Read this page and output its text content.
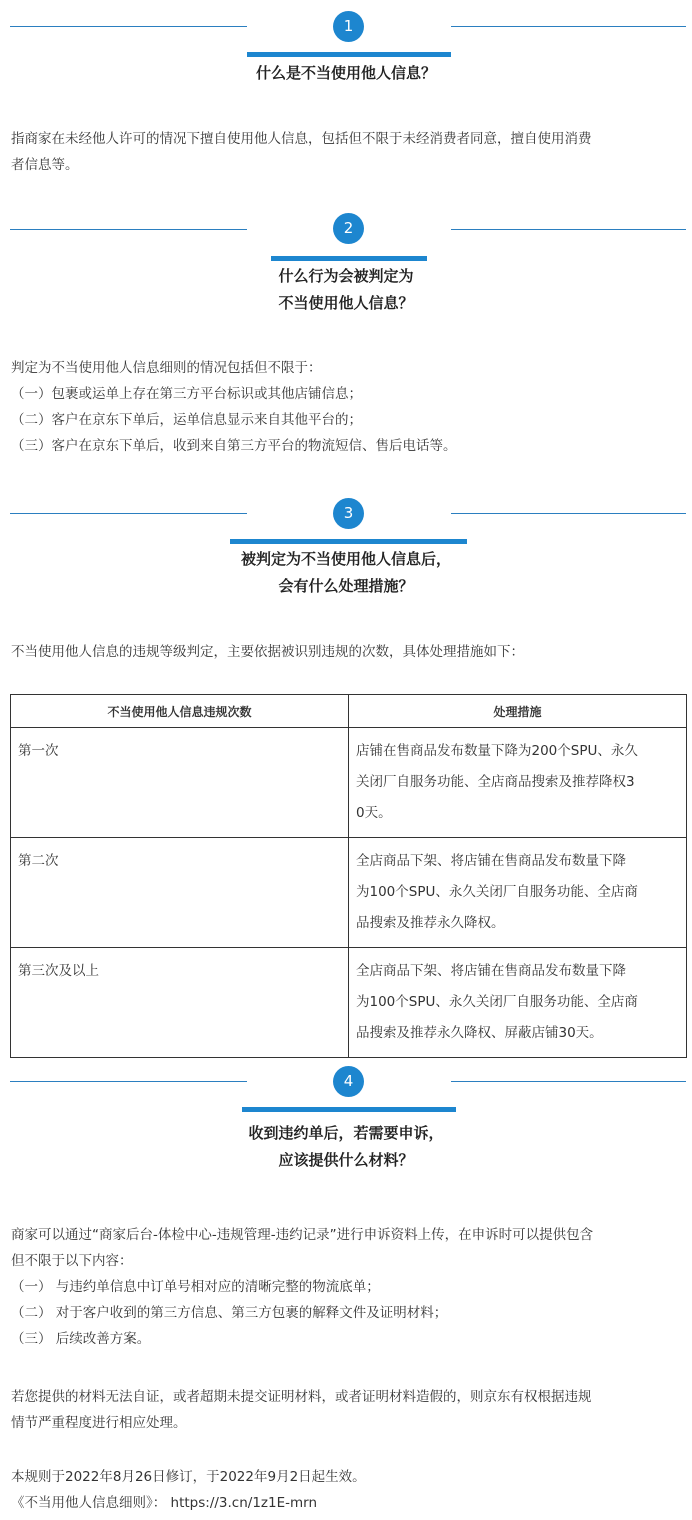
1
什么是不当使用他人信息？
指商家在未经他人许可的情况下擅自使用他人信息，包括但不限于未经消费者同意，擅自使用消费
者信息等。
2
什么行为会被判定为
不当使用他人信息？
判定为不当使用他人信息细则的情况包括但不限于：
（一）包裹或运单上存在第三方平台标识或其他店铺信息；
（二）客户在京东下单后，运单信息显示来自其他平台的；
（三）客户在京东下单后，收到来自第三方平台的物流短信、售后电话等。
3
被判定为不当使用他人信息后，
会有什么处理措施？
不当使用他人信息的违规等级判定，主要依据被识别违规的次数，具体处理措施如下：
不当使用他人信息违规次数	处理措施
第一次	店铺在售商品发布数量下降为200个SPU、永久
关闭厂自服务功能、全店商品搜索及推荐降权3
0天。

第二次	全店商品下架、将店铺在售商品发布数量下降
为100个SPU、永久关闭厂自服务功能、全店商
品搜索及推荐永久降权。

第三次及以上	全店商品下架、将店铺在售商品发布数量下降
为100个SPU、永久关闭厂自服务功能、全店商
品搜索及推荐永久降权、屏蔽店铺30天。
4
收到违约单后，若需要申诉，
应该提供什么材料？
商家可以通过“商家后台-体检中心-违规管理-违约记录”进行申诉资料上传，在申诉时可以提供包含
但不限于以下内容：
（一） 与违约单信息中订单号相对应的清晰完整的物流底单；
（二） 对于客户收到的第三方信息、第三方包裹的解释文件及证明材料；
（三） 后续改善方案。
若您提供的材料无法自证，或者超期未提交证明材料，或者证明材料造假的，则京东有权根据违规
情节严重程度进行相应处理。
本规则于2022年8月26日修订，于2022年9月2日起生效。
《不当用他人信息细则》： https://3.cn/1z1E-mrn
